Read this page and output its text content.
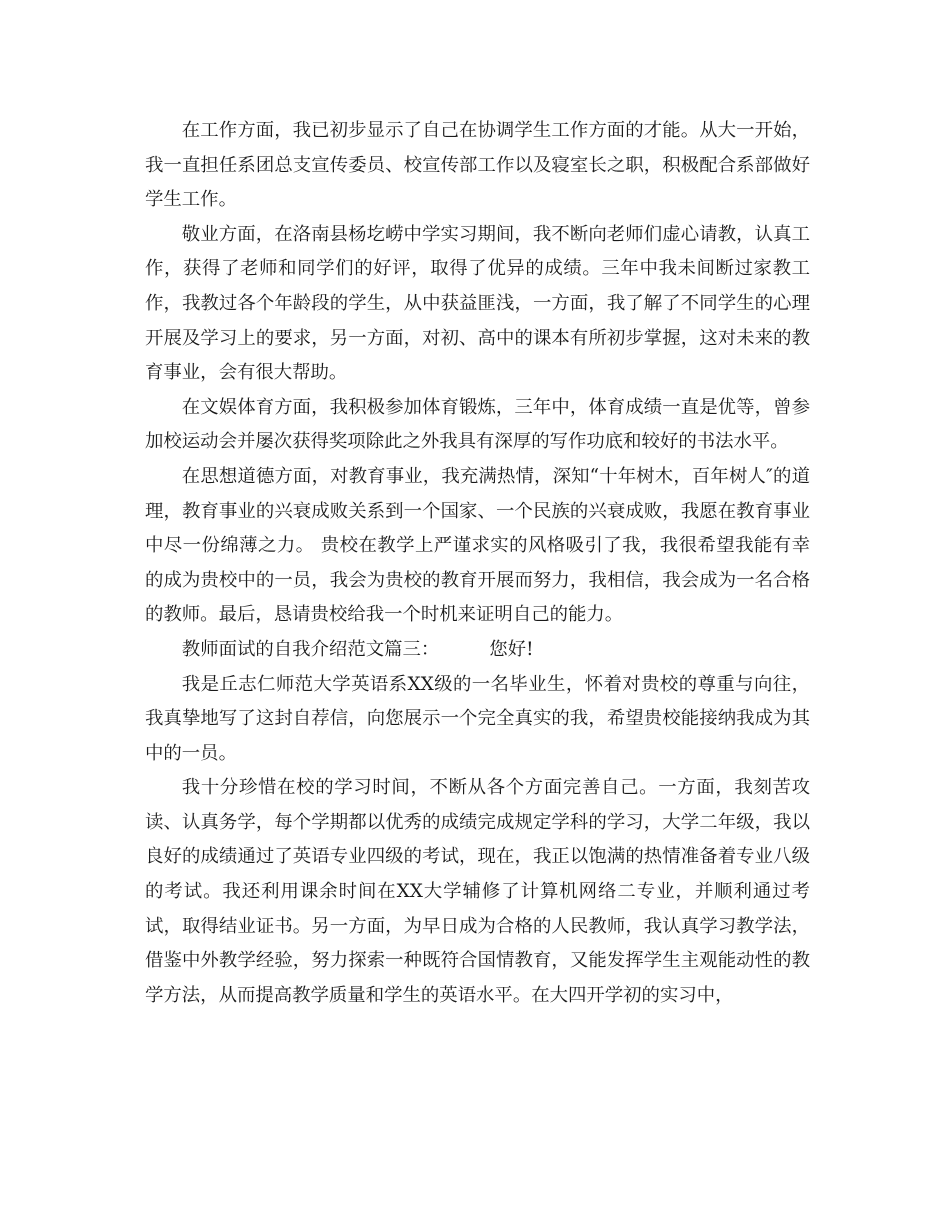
在工作方面，我已初步显示了自己在协调学生工作方面的才能。从大一开始，我一直担任系团总支宣传委员、校宣传部工作以及寝室长之职，积极配合系部做好学生工作。

敬业方面，在洛南县杨圪崂中学实习期间，我不断向老师们虚心请教，认真工作，获得了老师和同学们的好评，取得了优异的成绩。三年中我未间断过家教工作，我教过各个年龄段的学生，从中获益匪浅，一方面，我了解了不同学生的心理开展及学习上的要求，另一方面，对初、高中的课本有所初步掌握，这对未来的教育事业，会有很大帮助。

在文娱体育方面，我积极参加体育锻炼，三年中，体育成绩一直是优等，曾参加校运动会并屡次获得奖项除此之外我具有深厚的写作功底和较好的书法水平。

在思想道德方面，对教育事业，我充满热情，深知“十年树木，百年树人″的道理，教育事业的兴衰成败关系到一个国家、一个民族的兴衰成败，我愿在教育事业中尽一份绵薄之力。 贵校在教学上严谨求实的风格吸引了我，我很希望我能有幸的成为贵校中的一员，我会为贵校的教育开展而努力，我相信，我会成为一名合格的教师。最后，恳请贵校给我一个时机来证明自己的能力。

教师面试的自我介绍范文篇三：	您好!

我是丘志仁师范大学英语系XX级的一名毕业生，怀着对贵校的尊重与向往，我真挚地写了这封自荐信，向您展示一个完全真实的我，希望贵校能接纳我成为其中的一员。

我十分珍惜在校的学习时间，不断从各个方面完善自己。一方面，我刻苦攻读、认真务学，每个学期都以优秀的成绩完成规定学科的学习，大学二年级，我以良好的成绩通过了英语专业四级的考试，现在，我正以饱满的热情准备着专业八级的考试。我还利用课余时间在XX大学辅修了计算机网络二专业，并顺利通过考试，取得结业证书。另一方面，为早日成为合格的人民教师，我认真学习教学法，借鉴中外教学经验，努力探索一种既符合国情教育，又能发挥学生主观能动性的教学方法，从而提高教学质量和学生的英语水平。在大四开学初的实习中，
